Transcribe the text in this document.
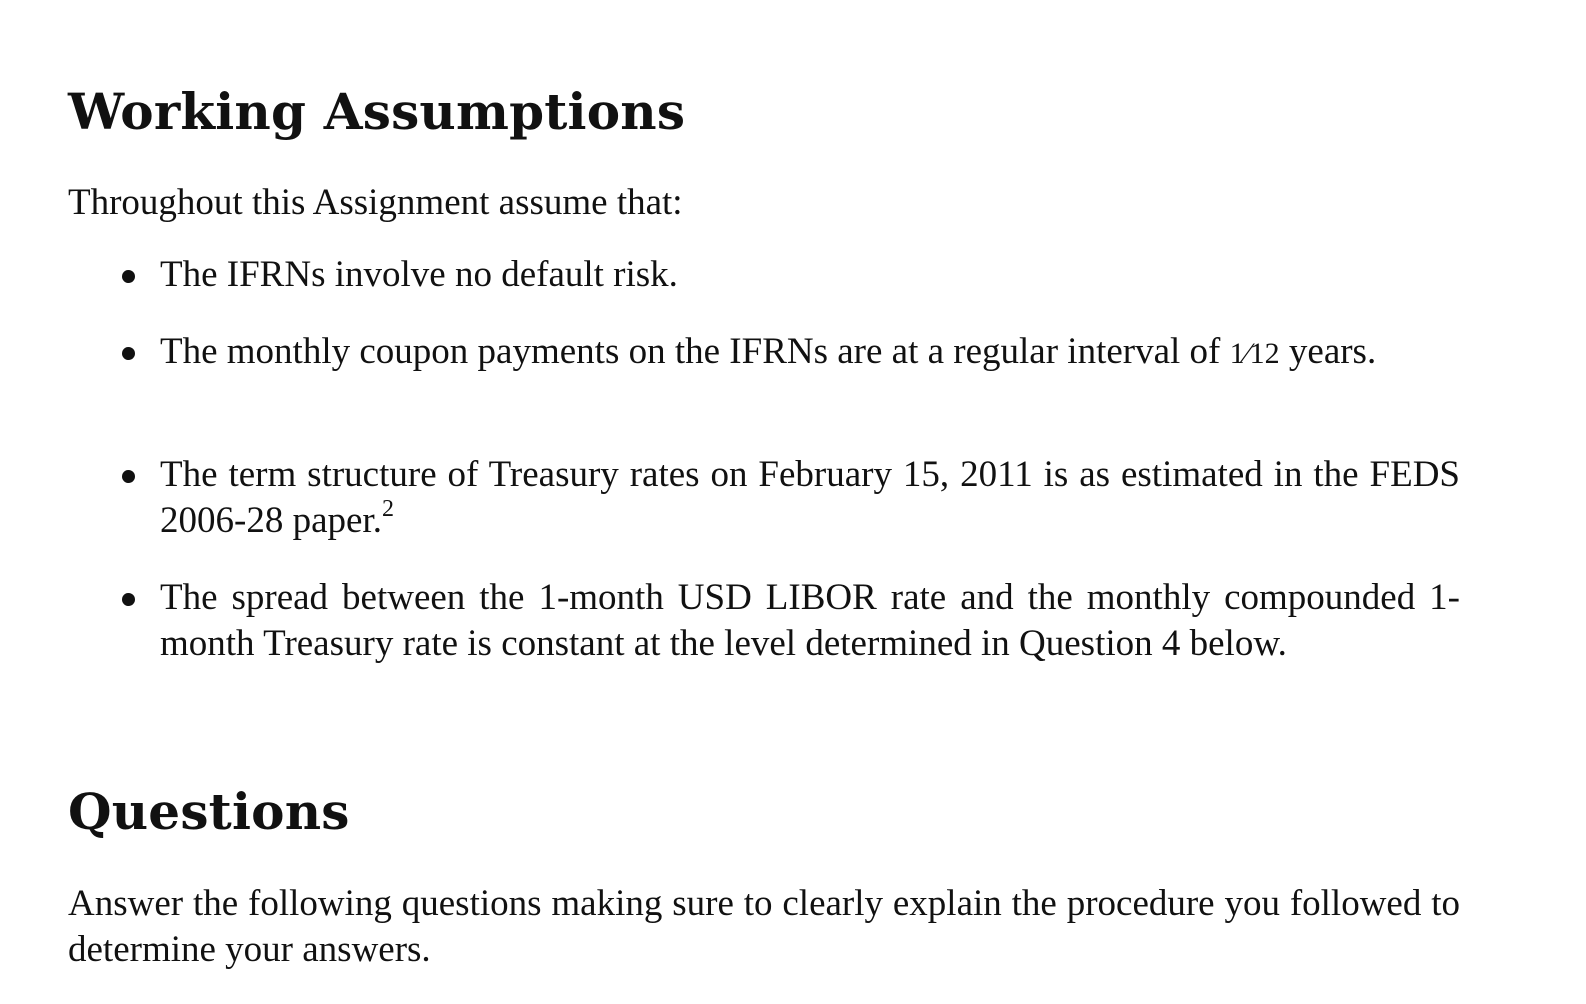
Working Assumptions

Throughout this Assignment assume that:

The IFRNs involve no default risk.
The monthly coupon payments on the IFRNs are at a regular interval of 1⁄12 years.
The term structure of Treasury rates on February 15, 2011 is as estimated in the FEDS 2006-28 paper.$^2$
The spread between the 1-month USD LIBOR rate and the monthly compounded 1-month Treasury rate is constant at the level determined in Question 4 below.
Questions

Answer the following questions making sure to clearly explain the procedure you followed to determine your answers.
